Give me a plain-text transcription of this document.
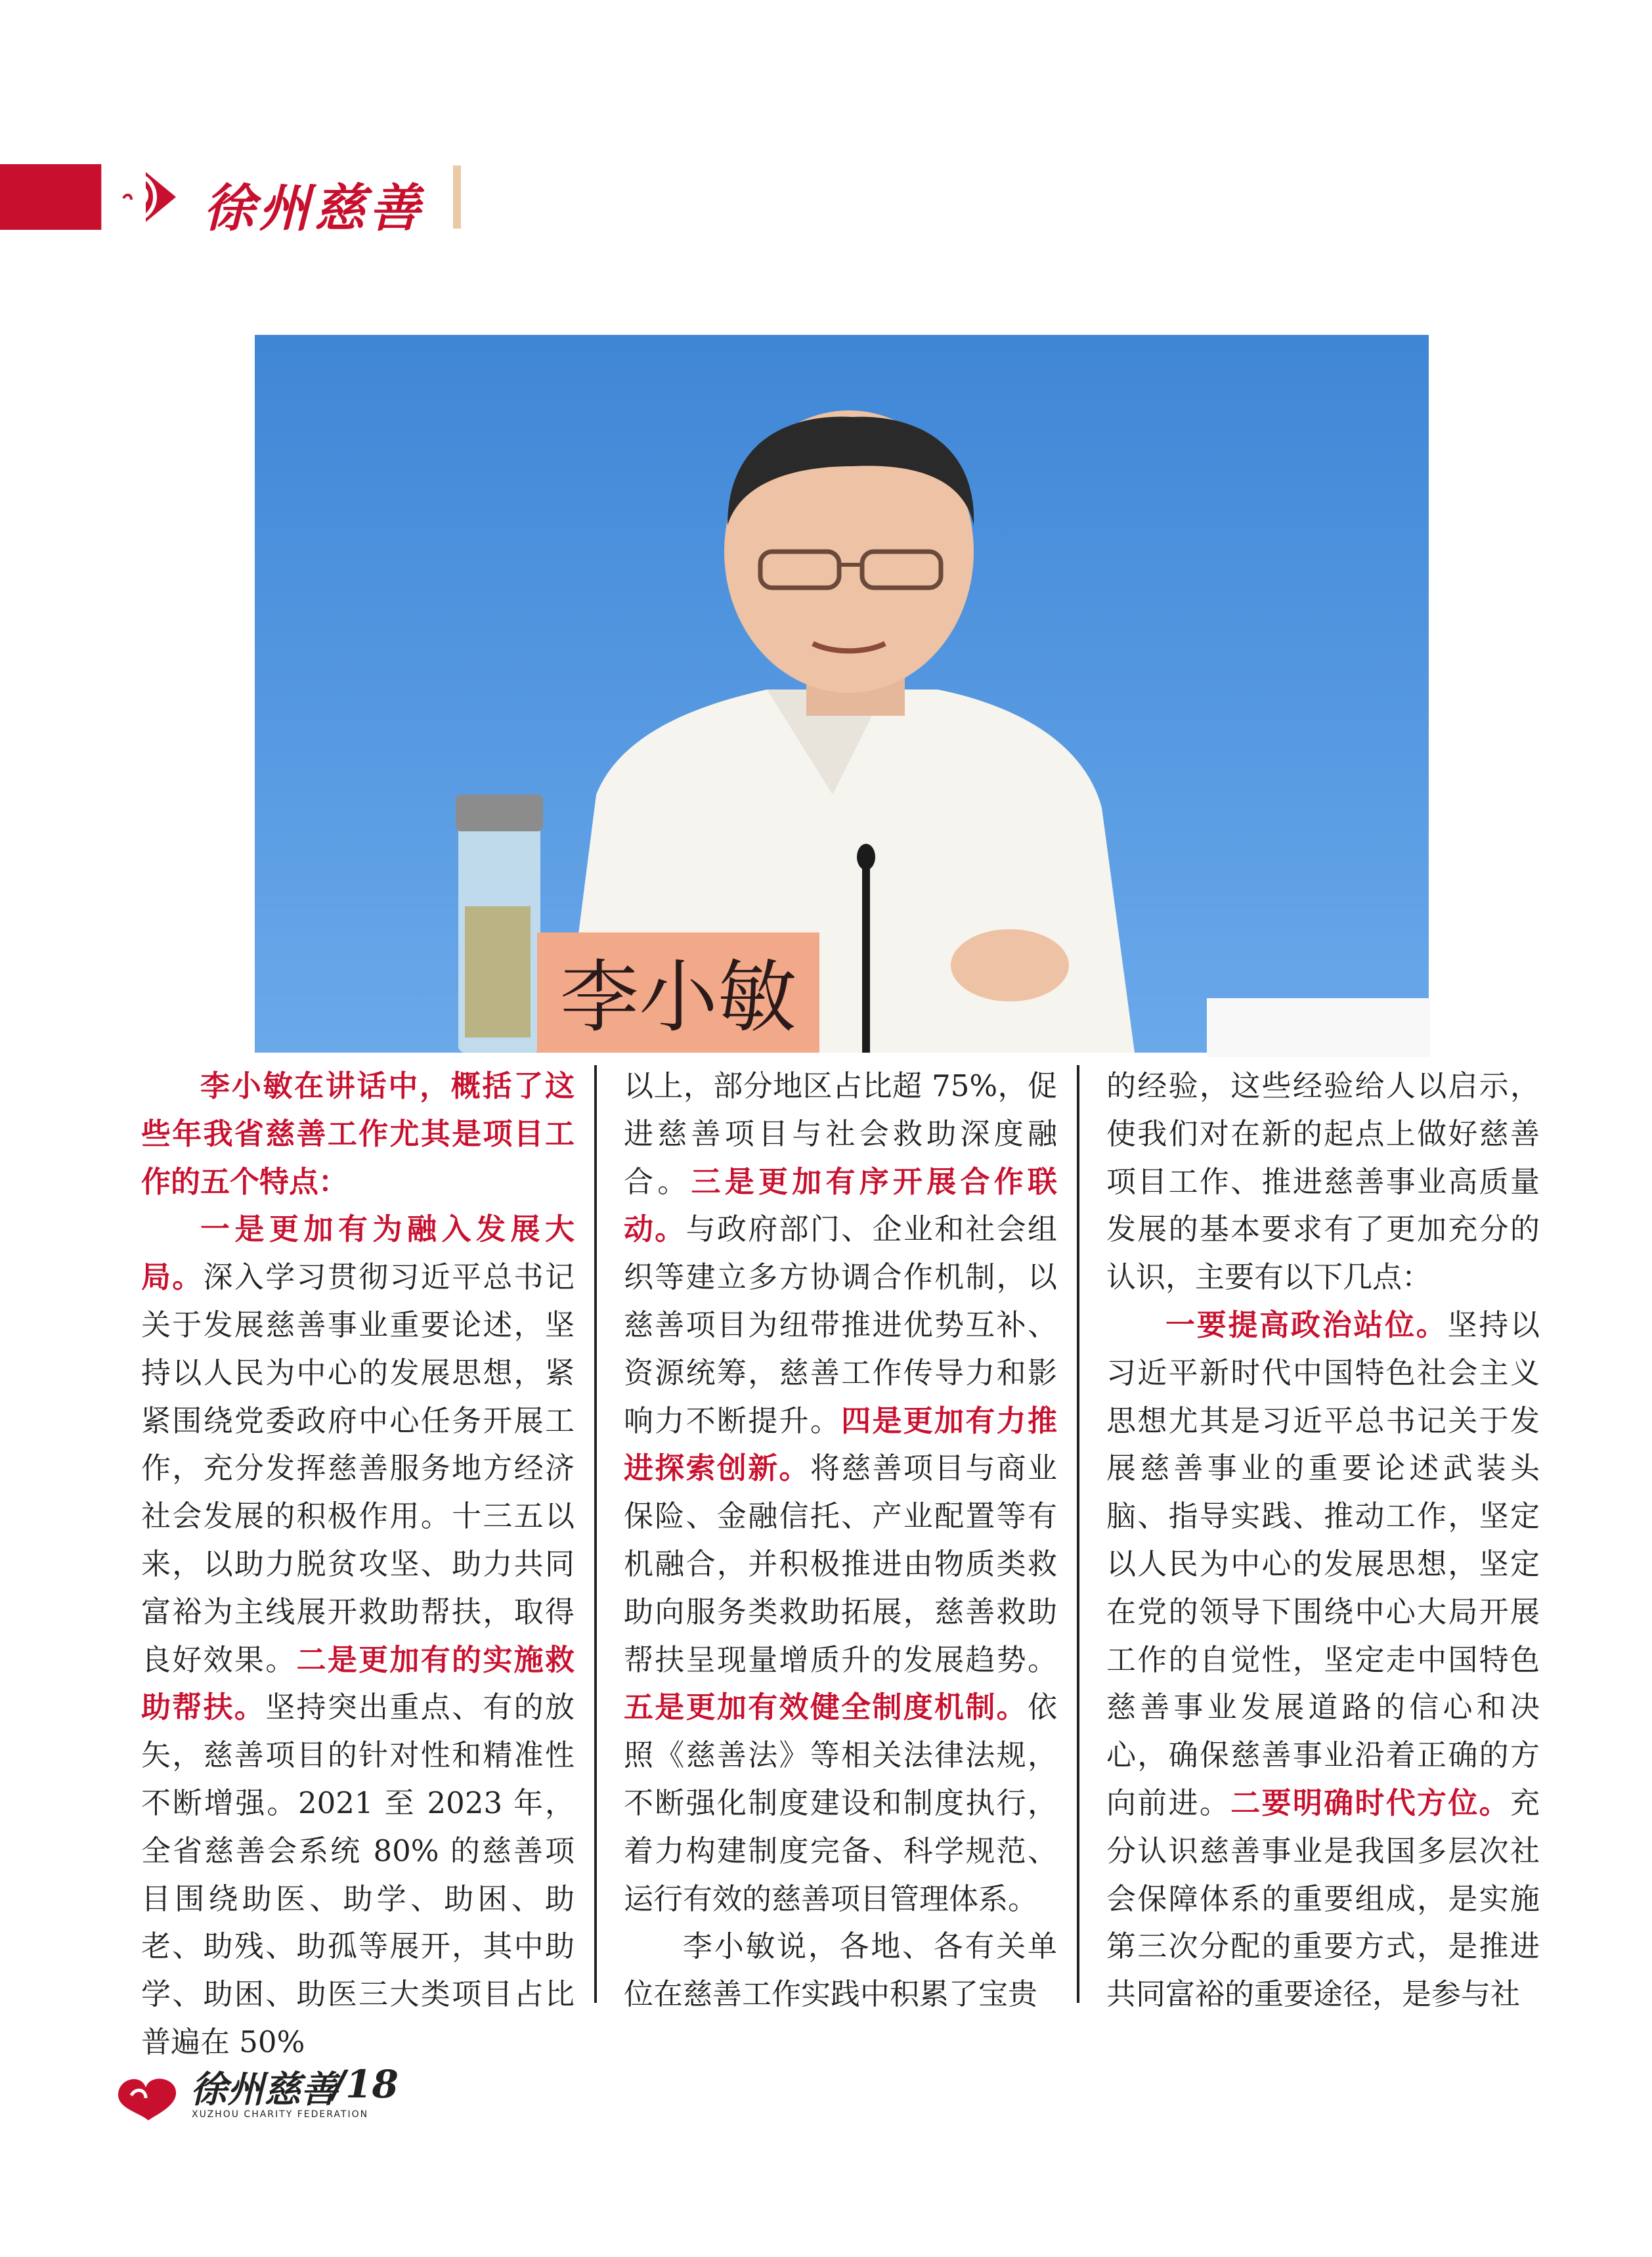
徐州慈善
李小敏

李小敏在讲话中，概括了这些年我省慈善工作尤其是项目工作的五个特点：

一是更加有为融入发展大局。深入学习贯彻习近平总书记关于发展慈善事业重要论述，坚持以人民为中心的发展思想，紧紧围绕党委政府中心任务开展工作，充分发挥慈善服务地方经济社会发展的积极作用。十三五以来，以助力脱贫攻坚、助力共同富裕为主线展开救助帮扶，取得良好效果。二是更加有的实施救助帮扶。坚持突出重点、有的放矢，慈善项目的针对性和精准性不断增强。2021 至 2023 年，全省慈善会系统 80% 的慈善项目围绕助医、助学、助困、助老、助残、助孤等展开，其中助学、助困、助医三大类项目占比普遍在 50%

以上，部分地区占比超 75%，促进慈善项目与社会救助深度融合。三是更加有序开展合作联动。与政府部门、企业和社会组织等建立多方协调合作机制，以慈善项目为纽带推进优势互补、资源统筹，慈善工作传导力和影响力不断提升。四是更加有力推进探索创新。将慈善项目与商业保险、金融信托、产业配置等有机融合，并积极推进由物质类救助向服务类救助拓展，慈善救助帮扶呈现量增质升的发展趋势。五是更加有效健全制度机制。依照《慈善法》等相关法律法规，不断强化制度建设和制度执行，着力构建制度完备、科学规范、运行有效的慈善项目管理体系。

李小敏说，各地、各有关单位在慈善工作实践中积累了宝贵

的经验，这些经验给人以启示，使我们对在新的起点上做好慈善项目工作、推进慈善事业高质量发展的基本要求有了更加充分的认识，主要有以下几点：

一要提高政治站位。坚持以习近平新时代中国特色社会主义思想尤其是习近平总书记关于发展慈善事业的重要论述武装头脑、指导实践、推动工作，坚定以人民为中心的发展思想，坚定在党的领导下围绕中心大局开展工作的自觉性，坚定走中国特色慈善事业发展道路的信心和决心，确保慈善事业沿着正确的方向前进。二要明确时代方位。充分认识慈善事业是我国多层次社会保障体系的重要组成，是实施第三次分配的重要方式，是推进共同富裕的重要途径，是参与社

徐州慈善
XUZHOU CHARITY FEDERATION
/18
